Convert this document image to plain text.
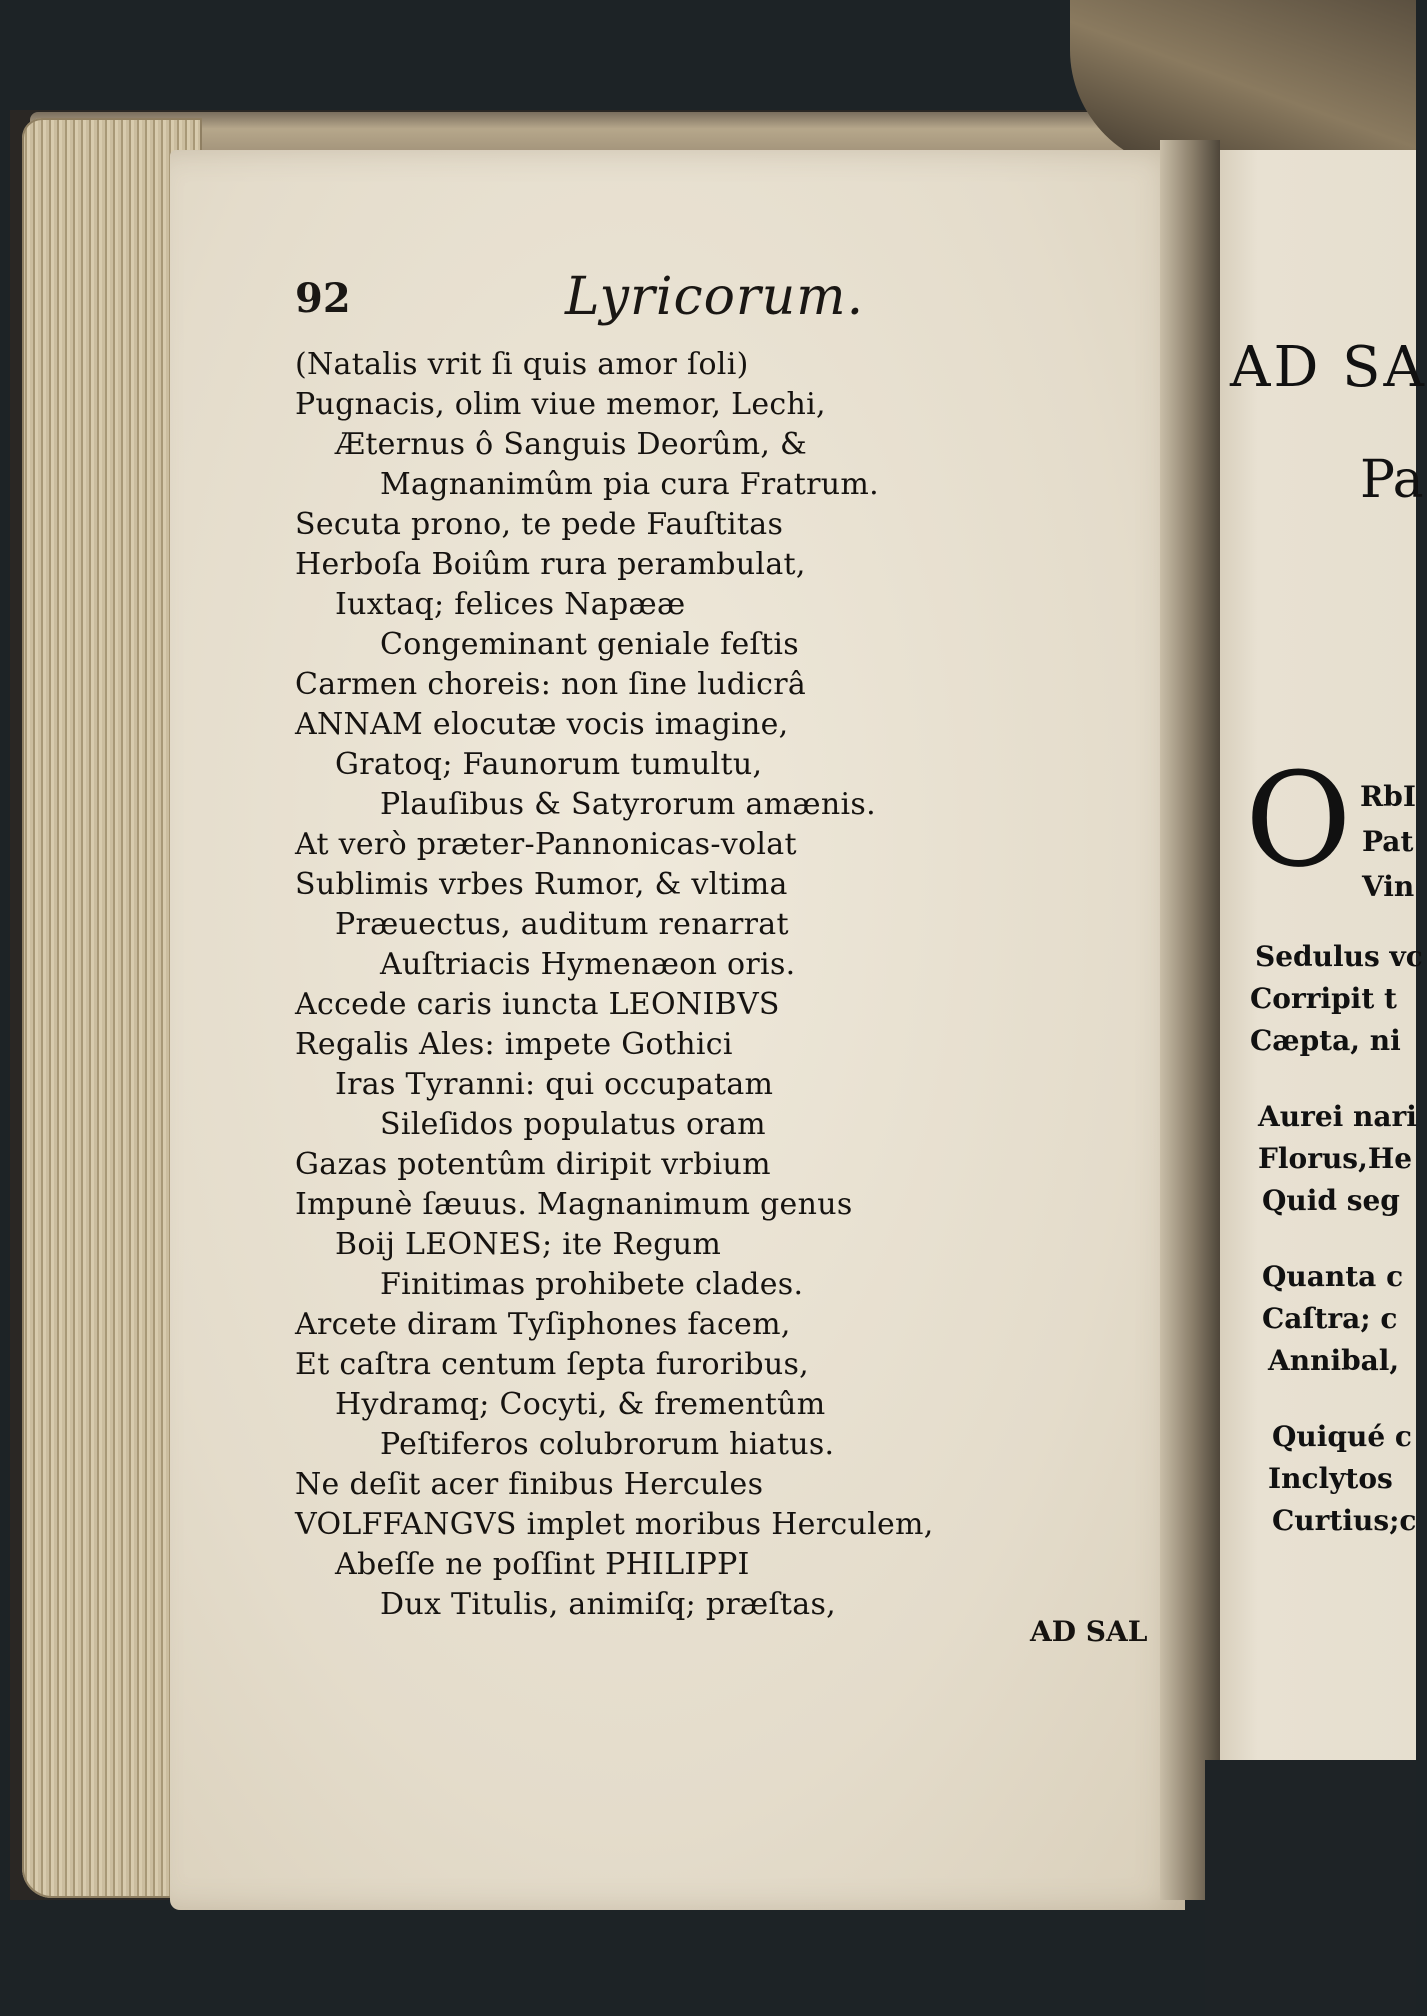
92	Lyricorum.
(Natalis vrit ſi quis amor ſoli)
Pugnacis, olim viue memor, Lechi,
Æternus ô Sanguis Deorûm, &
Magnanimûm pia cura Fratrum.
Secuta prono, te pede Fauſtitas
Herboſa Boiûm rura perambulat,
Iuxtaq; felices Napææ
Congeminant geniale feſtis
Carmen choreis: non ſine ludicrâ
ANNAM elocutæ vocis imagine,
Gratoq; Faunorum tumultu,
Plauſibus & Satyrorum amænis.
At verò præter-Pannonicas-volat
Sublimis vrbes Rumor, & vltima
Præuectus, auditum renarrat
Auſtriacis Hymenæon oris.
Accede caris iuncta LEONIBVS
Regalis Ales: impete Gothici
Iras Tyranni: qui occupatam
Sileſidos populatus oram
Gazas potentûm diripit vrbium
Impunè ſæuus. Magnanimum genus
Boij LEONES; ite Regum
Finitimas prohibete clades.
Arcete diram Tyſiphones facem,
Et caſtra centum ſepta furoribus,
Hydramq; Cocyti, & frementûm
Peſtiferos colubrorum hiatus.
Ne deſit acer finibus Hercules
VOLFFANGVS implet moribus Herculem,
Abeſſe ne poſſint PHILIPPI
Dux Titulis, animiſq; præſtas,
AD SAL
AD SA
Pa
O RbI
Pat
Vin
Sedulus vc
Corripit t
Cæpta, ni
Aurei nari
Florus,He
Quid seg
Quanta c
Caſtra; c
Annibal,
Quiqué c
Inclytos
Curtius;c
